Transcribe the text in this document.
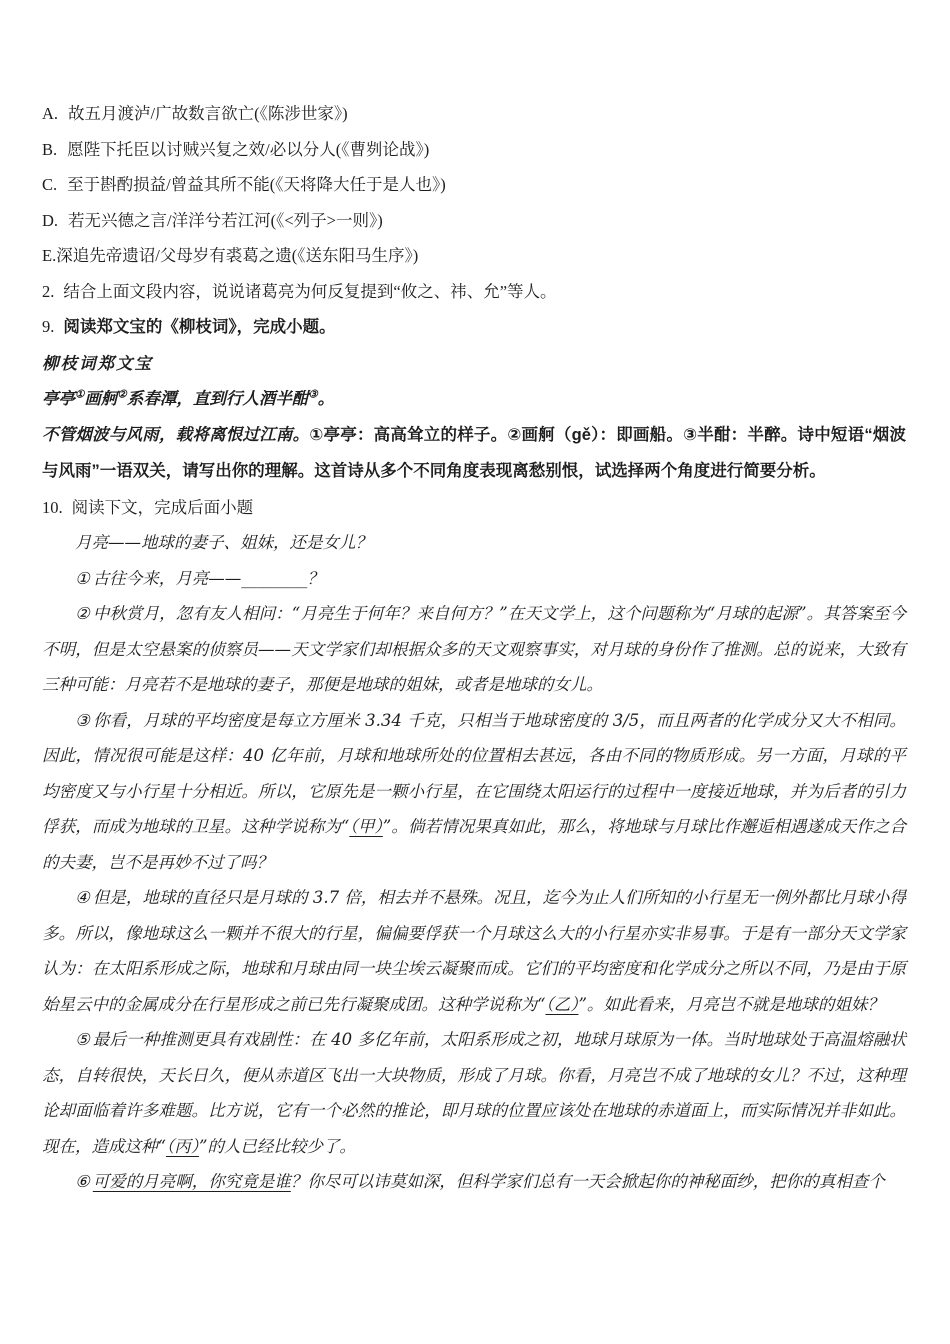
A. 故五月渡泸/广故数言欲亡(《陈涉世家》)
B. 愿陛下托臣以讨贼兴复之效/必以分人(《曹刿论战》)
C. 至于斟酌损益/曾益其所不能(《天将降大任于是人也》)
D. 若无兴德之言/洋洋兮若江河(《<列子>一则》)
E.深追先帝遗诏/父母岁有裘葛之遗(《送东阳马生序》)
2. 结合上面文段内容，说说诸葛亮为何反复提到“攸之、祎、允”等人。
9. 阅读郑文宝的《柳枝词》，完成小题。
柳枝词郑文宝
亭亭①画舸②系春潭，直到行人酒半酣③。
不管烟波与风雨，载将离恨过江南。①亭亭：高高耸立的样子。②画舸（gě）：即画船。③半酣：半醉。诗中短语“烟波与风雨”一语双关，请写出你的理解。这首诗从多个不同角度表现离愁别恨，试选择两个角度进行简要分析。
10. 阅读下文，完成后面小题
月亮——地球的妻子、姐妹，还是女儿？
① 古往今来，月亮——________？
② 中秋赏月，忽有友人相问：“月亮生于何年？来自何方？”在天文学上，这个问题称为“月球的起源”。其答案至今不明，但是太空悬案的侦察员——天文学家们却根据众多的天文观察事实，对月球的身份作了推测。总的说来，大致有三种可能：月亮若不是地球的妻子，那便是地球的姐妹，或者是地球的女儿。
③ 你看，月球的平均密度是每立方厘米 3.34 千克，只相当于地球密度的 3/5，而且两者的化学成分又大不相同。因此，情况很可能是这样：40 亿年前，月球和地球所处的位置相去甚远，各由不同的物质形成。另一方面，月球的平均密度又与小行星十分相近。所以，它原先是一颗小行星，在它围绕太阳运行的过程中一度接近地球，并为后者的引力俘获，而成为地球的卫星。这种学说称为“（甲）”。倘若情况果真如此，那么，将地球与月球比作邂逅相遇遂成天作之合的夫妻，岂不是再妙不过了吗？
④ 但是，地球的直径只是月球的 3.7 倍，相去并不悬殊。况且，迄今为止人们所知的小行星无一例外都比月球小得多。所以，像地球这么一颗并不很大的行星，偏偏要俘获一个月球这么大的小行星亦实非易事。于是有一部分天文学家认为：在太阳系形成之际，地球和月球由同一块尘埃云凝聚而成。它们的平均密度和化学成分之所以不同，乃是由于原始星云中的金属成分在行星形成之前已先行凝聚成团。这种学说称为“（乙）”。如此看来，月亮岂不就是地球的姐妹？
⑤ 最后一种推测更具有戏剧性：在 40 多亿年前，太阳系形成之初，地球月球原为一体。当时地球处于高温熔融状态，自转很快，天长日久，便从赤道区飞出一大块物质，形成了月球。你看，月亮岂不成了地球的女儿？不过，这种理论却面临着许多难题。比方说，它有一个必然的推论，即月球的位置应该处在地球的赤道面上，而实际情况并非如此。现在，造成这种“（丙）”的人已经比较少了。
⑥ 可爱的月亮啊，你究竟是谁？你尽可以讳莫如深，但科学家们总有一天会掀起你的神秘面纱，把你的真相查个
